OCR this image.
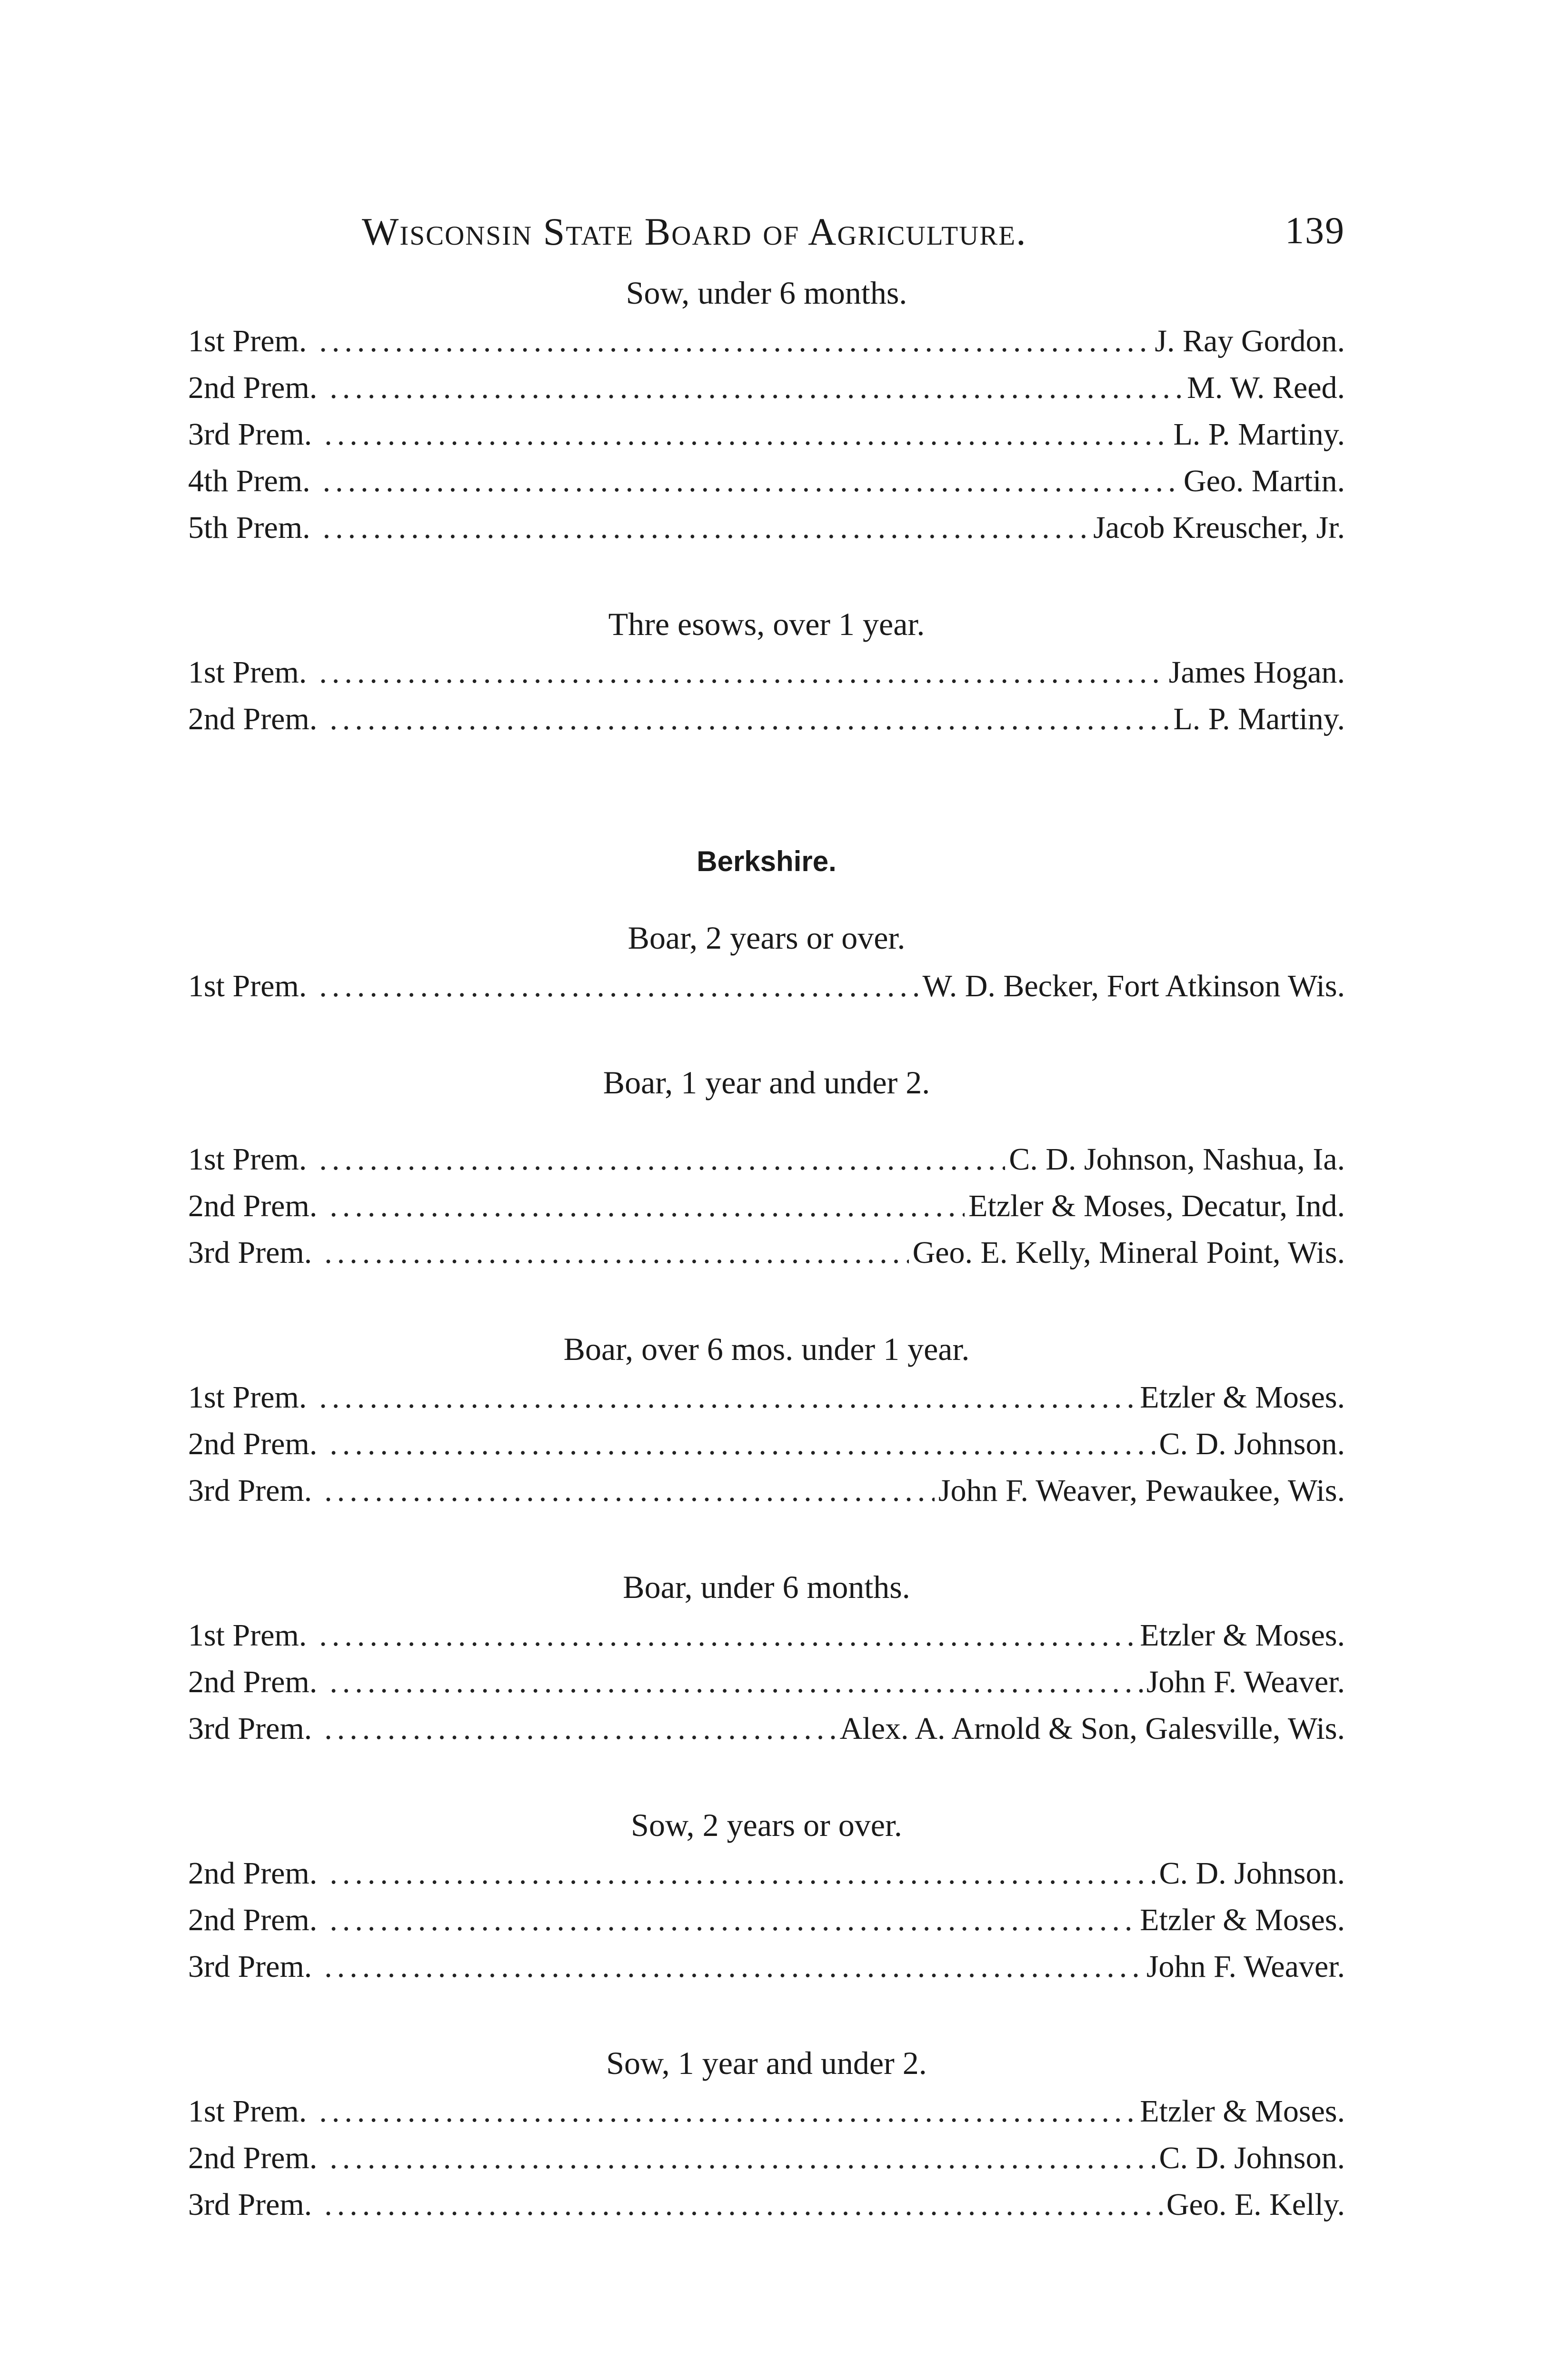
Wisconsin State Board of Agriculture.	139
Sow, under 6 months.
1st Prem. .....	J. Ray Gordon.
2nd Prem. .....	M. W. Reed.
3rd Prem. .....	L. P. Martiny.
4th Prem. .....	Geo. Martin.
5th Prem. .....	Jacob Kreuscher, Jr.
Thre esows, over 1 year.
1st Prem. .....	James Hogan.
2nd Prem. .....	L. P. Martiny.
Berkshire.
Boar, 2 years or over.
1st Prem. .....	W. D. Becker, Fort Atkinson Wis.
Boar, 1 year and under 2.
1st Prem. .....	C. D. Johnson, Nashua, Ia.
2nd Prem. .....	Etzler & Moses, Decatur, Ind.
3rd Prem. .....	Geo. E. Kelly, Mineral Point, Wis.
Boar, over 6 mos. under 1 year.
1st Prem. .....	Etzler & Moses.
2nd Prem. .....	C. D. Johnson.
3rd Prem. .....	John F. Weaver, Pewaukee, Wis.
Boar, under 6 months.
1st Prem. .....	Etzler & Moses.
2nd Prem. .....	John F. Weaver.
3rd Prem. .....	Alex. A. Arnold & Son, Galesville, Wis.
Sow, 2 years or over.
2nd Prem. .....	C. D. Johnson.
2nd Prem. .....	Etzler & Moses.
3rd Prem. .....	John F. Weaver.
Sow, 1 year and under 2.
1st Prem. .....	Etzler & Moses.
2nd Prem. .....	C. D. Johnson.
3rd Prem. .....	Geo. E. Kelly.
